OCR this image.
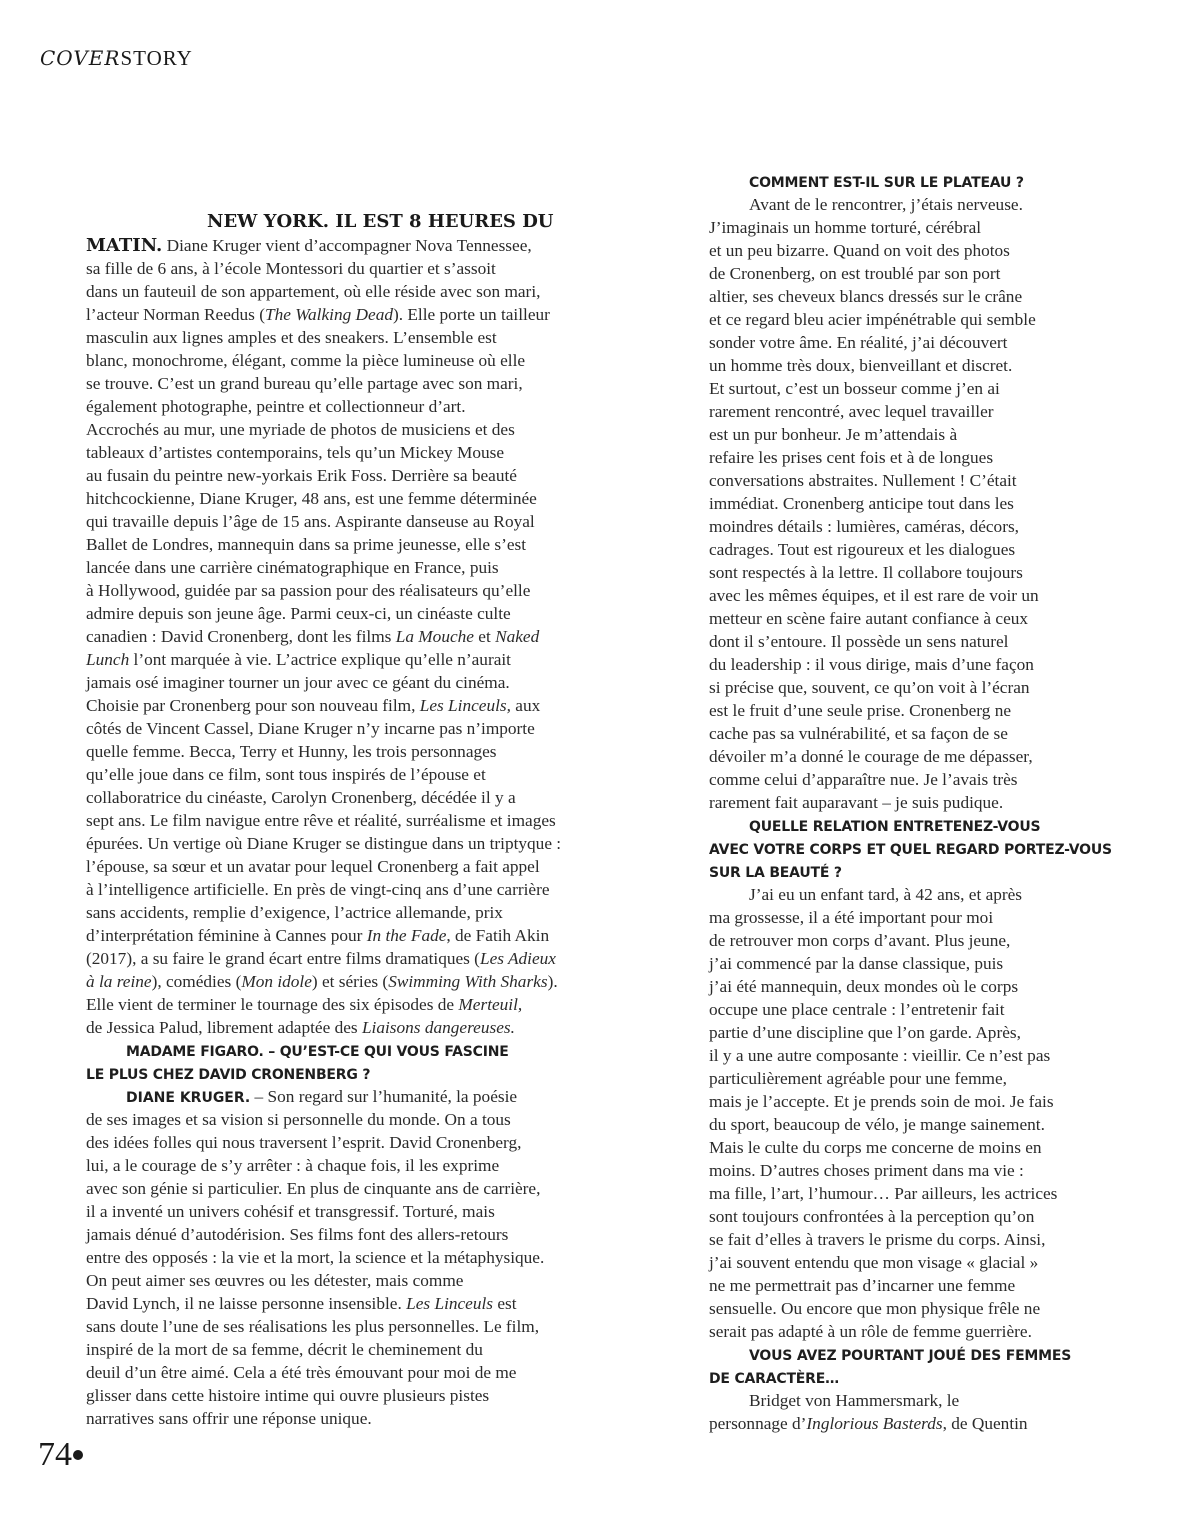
COVERSTORY
NEW YORK. IL EST 8 HEURES DU
MATIN. Diane Kruger vient d’accompagner Nova Tennessee,
sa fille de 6 ans, à l’école Montessori du quartier et s’assoit
dans un fauteuil de son appartement, où elle réside avec son mari,
l’acteur Norman Reedus (The Walking Dead). Elle porte un tailleur
masculin aux lignes amples et des sneakers. L’ensemble est
blanc, monochrome, élégant, comme la pièce lumineuse où elle
se trouve. C’est un grand bureau qu’elle partage avec son mari,
également photographe, peintre et collectionneur d’art.
Accrochés au mur, une myriade de photos de musiciens et des
tableaux d’artistes contemporains, tels qu’un Mickey Mouse
au fusain du peintre new-yorkais Erik Foss. Derrière sa beauté
hitchcockienne, Diane Kruger, 48 ans, est une femme déterminée
qui travaille depuis l’âge de 15 ans. Aspirante danseuse au Royal
Ballet de Londres, mannequin dans sa prime jeunesse, elle s’est
lancée dans une carrière cinématographique en France, puis
à Hollywood, guidée par sa passion pour des réalisateurs qu’elle
admire depuis son jeune âge. Parmi ceux-ci, un cinéaste culte
canadien : David Cronenberg, dont les films La Mouche et Naked
Lunch l’ont marquée à vie. L’actrice explique qu’elle n’aurait
jamais osé imaginer tourner un jour avec ce géant du cinéma.
Choisie par Cronenberg pour son nouveau film, Les Linceuls, aux
côtés de Vincent Cassel, Diane Kruger n’y incarne pas n’importe
quelle femme. Becca, Terry et Hunny, les trois personnages
qu’elle joue dans ce film, sont tous inspirés de l’épouse et
collaboratrice du cinéaste, Carolyn Cronenberg, décédée il y a
sept ans. Le film navigue entre rêve et réalité, surréalisme et images
épurées. Un vertige où Diane Kruger se distingue dans un triptyque :
l’épouse, sa sœur et un avatar pour lequel Cronenberg a fait appel
à l’intelligence artificielle. En près de vingt-cinq ans d’une carrière
sans accidents, remplie d’exigence, l’actrice allemande, prix
d’interprétation féminine à Cannes pour In the Fade, de Fatih Akin
(2017), a su faire le grand écart entre films dramatiques (Les Adieux
à la reine), comédies (Mon idole) et séries (Swimming With Sharks).
Elle vient de terminer le tournage des six épisodes de Merteuil,
de Jessica Palud, librement adaptée des Liaisons dangereuses.
MADAME FIGARO. – QU’EST-CE QUI VOUS FASCINE
LE PLUS CHEZ DAVID CRONENBERG ?
DIANE KRUGER. – Son regard sur l’humanité, la poésie
de ses images et sa vision si personnelle du monde. On a tous
des idées folles qui nous traversent l’esprit. David Cronenberg,
lui, a le courage de s’y arrêter : à chaque fois, il les exprime
avec son génie si particulier. En plus de cinquante ans de carrière,
il a inventé un univers cohésif et transgressif. Torturé, mais
jamais dénué d’autodérision. Ses films font des allers-retours
entre des opposés : la vie et la mort, la science et la métaphysique.
On peut aimer ses œuvres ou les détester, mais comme
David Lynch, il ne laisse personne insensible. Les Linceuls est
sans doute l’une de ses réalisations les plus personnelles. Le film,
inspiré de la mort de sa femme, décrit le cheminement du
deuil d’un être aimé. Cela a été très émouvant pour moi de me
glisser dans cette histoire intime qui ouvre plusieurs pistes
narratives sans offrir une réponse unique.
COMMENT EST-IL SUR LE PLATEAU ?
Avant de le rencontrer, j’étais nerveuse.
J’imaginais un homme torturé, cérébral
et un peu bizarre. Quand on voit des photos
de Cronenberg, on est troublé par son port
altier, ses cheveux blancs dressés sur le crâne
et ce regard bleu acier impénétrable qui semble
sonder votre âme. En réalité, j’ai découvert
un homme très doux, bienveillant et discret.
Et surtout, c’est un bosseur comme j’en ai
rarement rencontré, avec lequel travailler
est un pur bonheur. Je m’attendais à
refaire les prises cent fois et à de longues
conversations abstraites. Nullement ! C’était
immédiat. Cronenberg anticipe tout dans les
moindres détails : lumières, caméras, décors,
cadrages. Tout est rigoureux et les dialogues
sont respectés à la lettre. Il collabore toujours
avec les mêmes équipes, et il est rare de voir un
metteur en scène faire autant confiance à ceux
dont il s’entoure. Il possède un sens naturel
du leadership : il vous dirige, mais d’une façon
si précise que, souvent, ce qu’on voit à l’écran
est le fruit d’une seule prise. Cronenberg ne
cache pas sa vulnérabilité, et sa façon de se
dévoiler m’a donné le courage de me dépasser,
comme celui d’apparaître nue. Je l’avais très
rarement fait auparavant – je suis pudique.
QUELLE RELATION ENTRETENEZ-VOUS
AVEC VOTRE CORPS ET QUEL REGARD PORTEZ-VOUS
SUR LA BEAUTÉ ?
J’ai eu un enfant tard, à 42 ans, et après
ma grossesse, il a été important pour moi
de retrouver mon corps d’avant. Plus jeune,
j’ai commencé par la danse classique, puis
j’ai été mannequin, deux mondes où le corps
occupe une place centrale : l’entretenir fait
partie d’une discipline que l’on garde. Après,
il y a une autre composante : vieillir. Ce n’est pas
particulièrement agréable pour une femme,
mais je l’accepte. Et je prends soin de moi. Je fais
du sport, beaucoup de vélo, je mange sainement.
Mais le culte du corps me concerne de moins en
moins. D’autres choses priment dans ma vie :
ma fille, l’art, l’humour… Par ailleurs, les actrices
sont toujours confrontées à la perception qu’on
se fait d’elles à travers le prisme du corps. Ainsi,
j’ai souvent entendu que mon visage « glacial »
ne me permettrait pas d’incarner une femme
sensuelle. Ou encore que mon physique frêle ne
serait pas adapté à un rôle de femme guerrière.
VOUS AVEZ POURTANT JOUÉ DES FEMMES
DE CARACTÈRE…
Bridget von Hammersmark, le
personnage d’Inglorious Basterds, de Quentin
74
